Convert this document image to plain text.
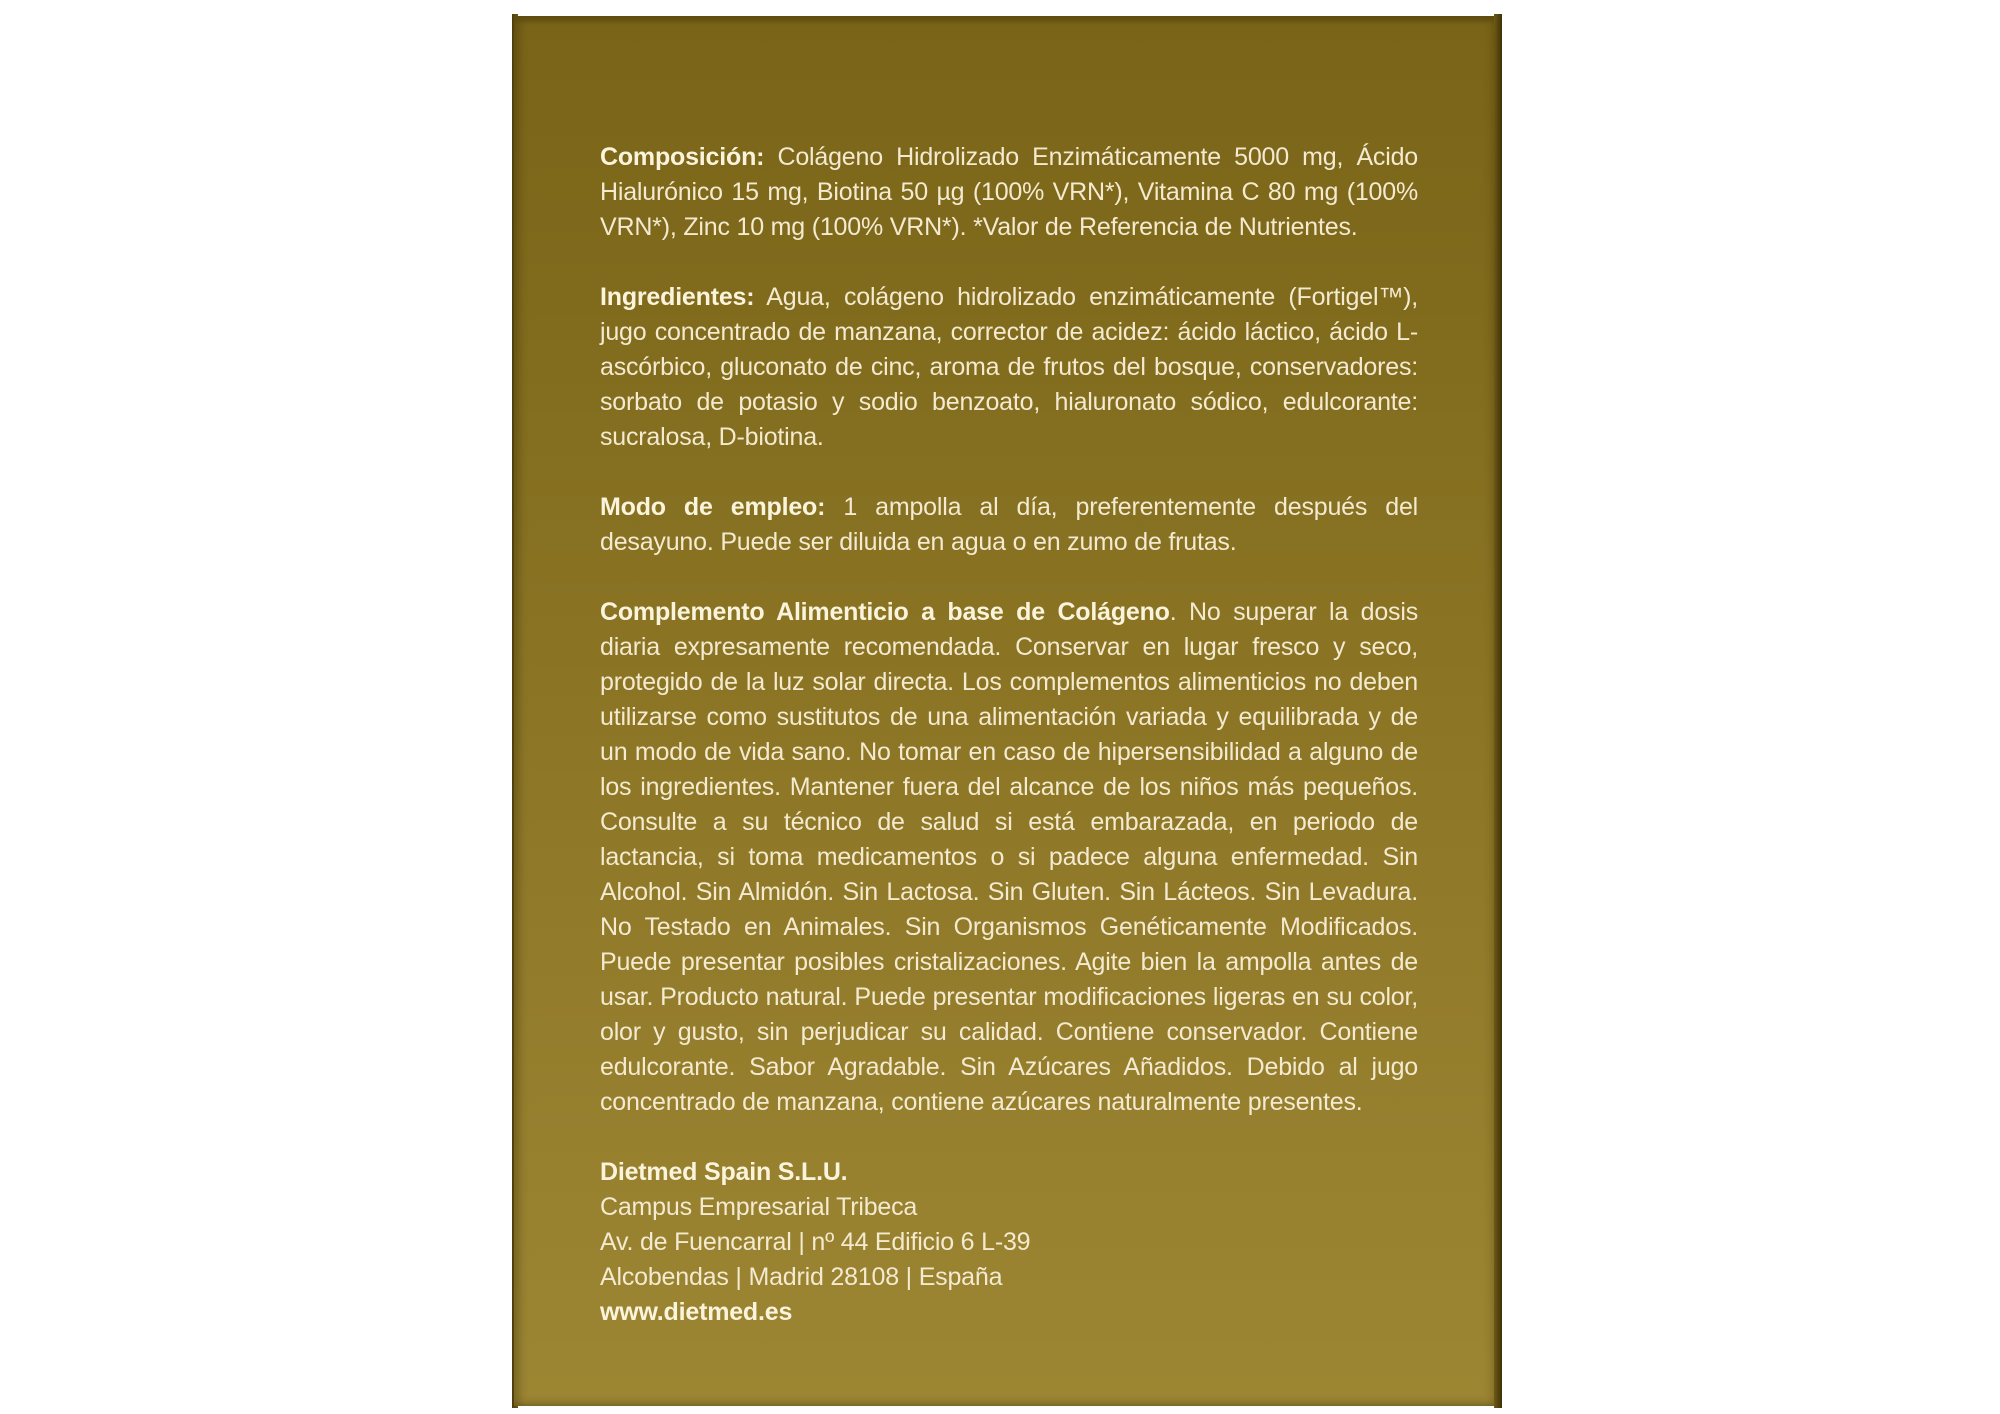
Composición: Colágeno Hidrolizado Enzimáticamente 5000 mg, Ácido Hialurónico 15 mg, Biotina 50 µg (100% VRN*), Vitamina C 80 mg (100% VRN*), Zinc 10 mg (100% VRN*). *Valor de Referencia de Nutrientes.

Ingredientes: Agua, colágeno hidrolizado enzimáticamente (Fortigel™), jugo concentrado de manzana, corrector de acidez: ácido láctico, ácido L-ascórbico, gluconato de cinc, aroma de frutos del bosque, conservadores: sorbato de potasio y sodio benzoato, hialuronato sódico, edulcorante: sucralosa, D-biotina.

Modo de empleo: 1 ampolla al día, preferentemente después del desayuno. Puede ser diluida en agua o en zumo de frutas.

Complemento Alimenticio a base de Colágeno. No superar la dosis diaria expresamente recomendada. Conservar en lugar fresco y seco, protegido de la luz solar directa. Los complementos alimenticios no deben utilizarse como sustitutos de una alimentación variada y equilibrada y de un modo de vida sano. No tomar en caso de hipersensibilidad a alguno de los ingredientes. Mantener fuera del alcance de los niños más pequeños. Consulte a su técnico de salud si está embarazada, en periodo de lactancia, si toma medicamentos o si padece alguna enfermedad. Sin Alcohol. Sin Almidón. Sin Lactosa. Sin Gluten. Sin Lácteos. Sin Levadura. No Testado en Animales. Sin Organismos Genéticamente Modificados. Puede presentar posibles cristalizaciones. Agite bien la ampolla antes de usar. Producto natural. Puede presentar modificaciones ligeras en su color, olor y gusto, sin perjudicar su calidad. Contiene conservador. Contiene edulcorante. Sabor Agradable. Sin Azúcares Añadidos. Debido al jugo concentrado de manzana, contiene azúcares naturalmente presentes.

Dietmed Spain S.L.U.
Campus Empresarial Tribeca
Av. de Fuencarral | nº 44 Edificio 6 L-39
Alcobendas | Madrid 28108 | España
www.dietmed.es
